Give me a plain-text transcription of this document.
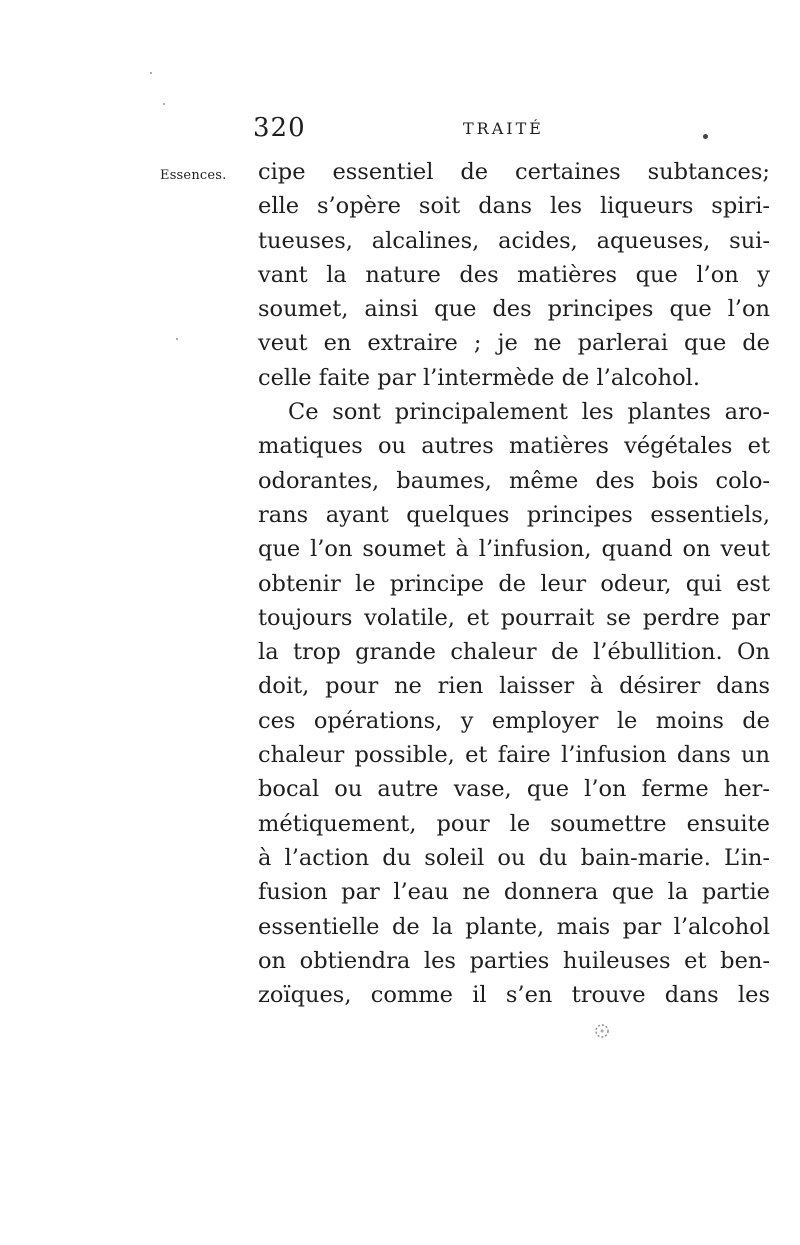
320	TRAITÉ
Essences. cipe essentiel de certaines subtances;
elle s’opère soit dans les liqueurs spiri-
tueuses, alcalines, acides, aqueuses, sui-
vant la nature des matières que l’on y
soumet, ainsi que des principes que l’on
veut en extraire ; je ne parlerai que de
celle faite par l’intermède de l’alcohol.
Ce sont principalement les plantes aro-
matiques ou autres matières végétales et
odorantes, baumes, même des bois colo-
rans ayant quelques principes essentiels,
que l’on soumet à l’infusion, quand on veut
obtenir le principe de leur odeur, qui est
toujours volatile, et pourrait se perdre par
la trop grande chaleur de l’ébullition. On
doit, pour ne rien laisser à désirer dans
ces opérations, y employer le moins de
chaleur possible, et faire l’infusion dans un
bocal ou autre vase, que l’on ferme her-
métiquement, pour le soumettre ensuite
à l’action du soleil ou du bain-marie. L’in-
fusion par l’eau ne donnera que la partie
essentielle de la plante, mais par l’alcohol
on obtiendra les parties huileuses et ben-
zoïques, comme il s’en trouve dans les
